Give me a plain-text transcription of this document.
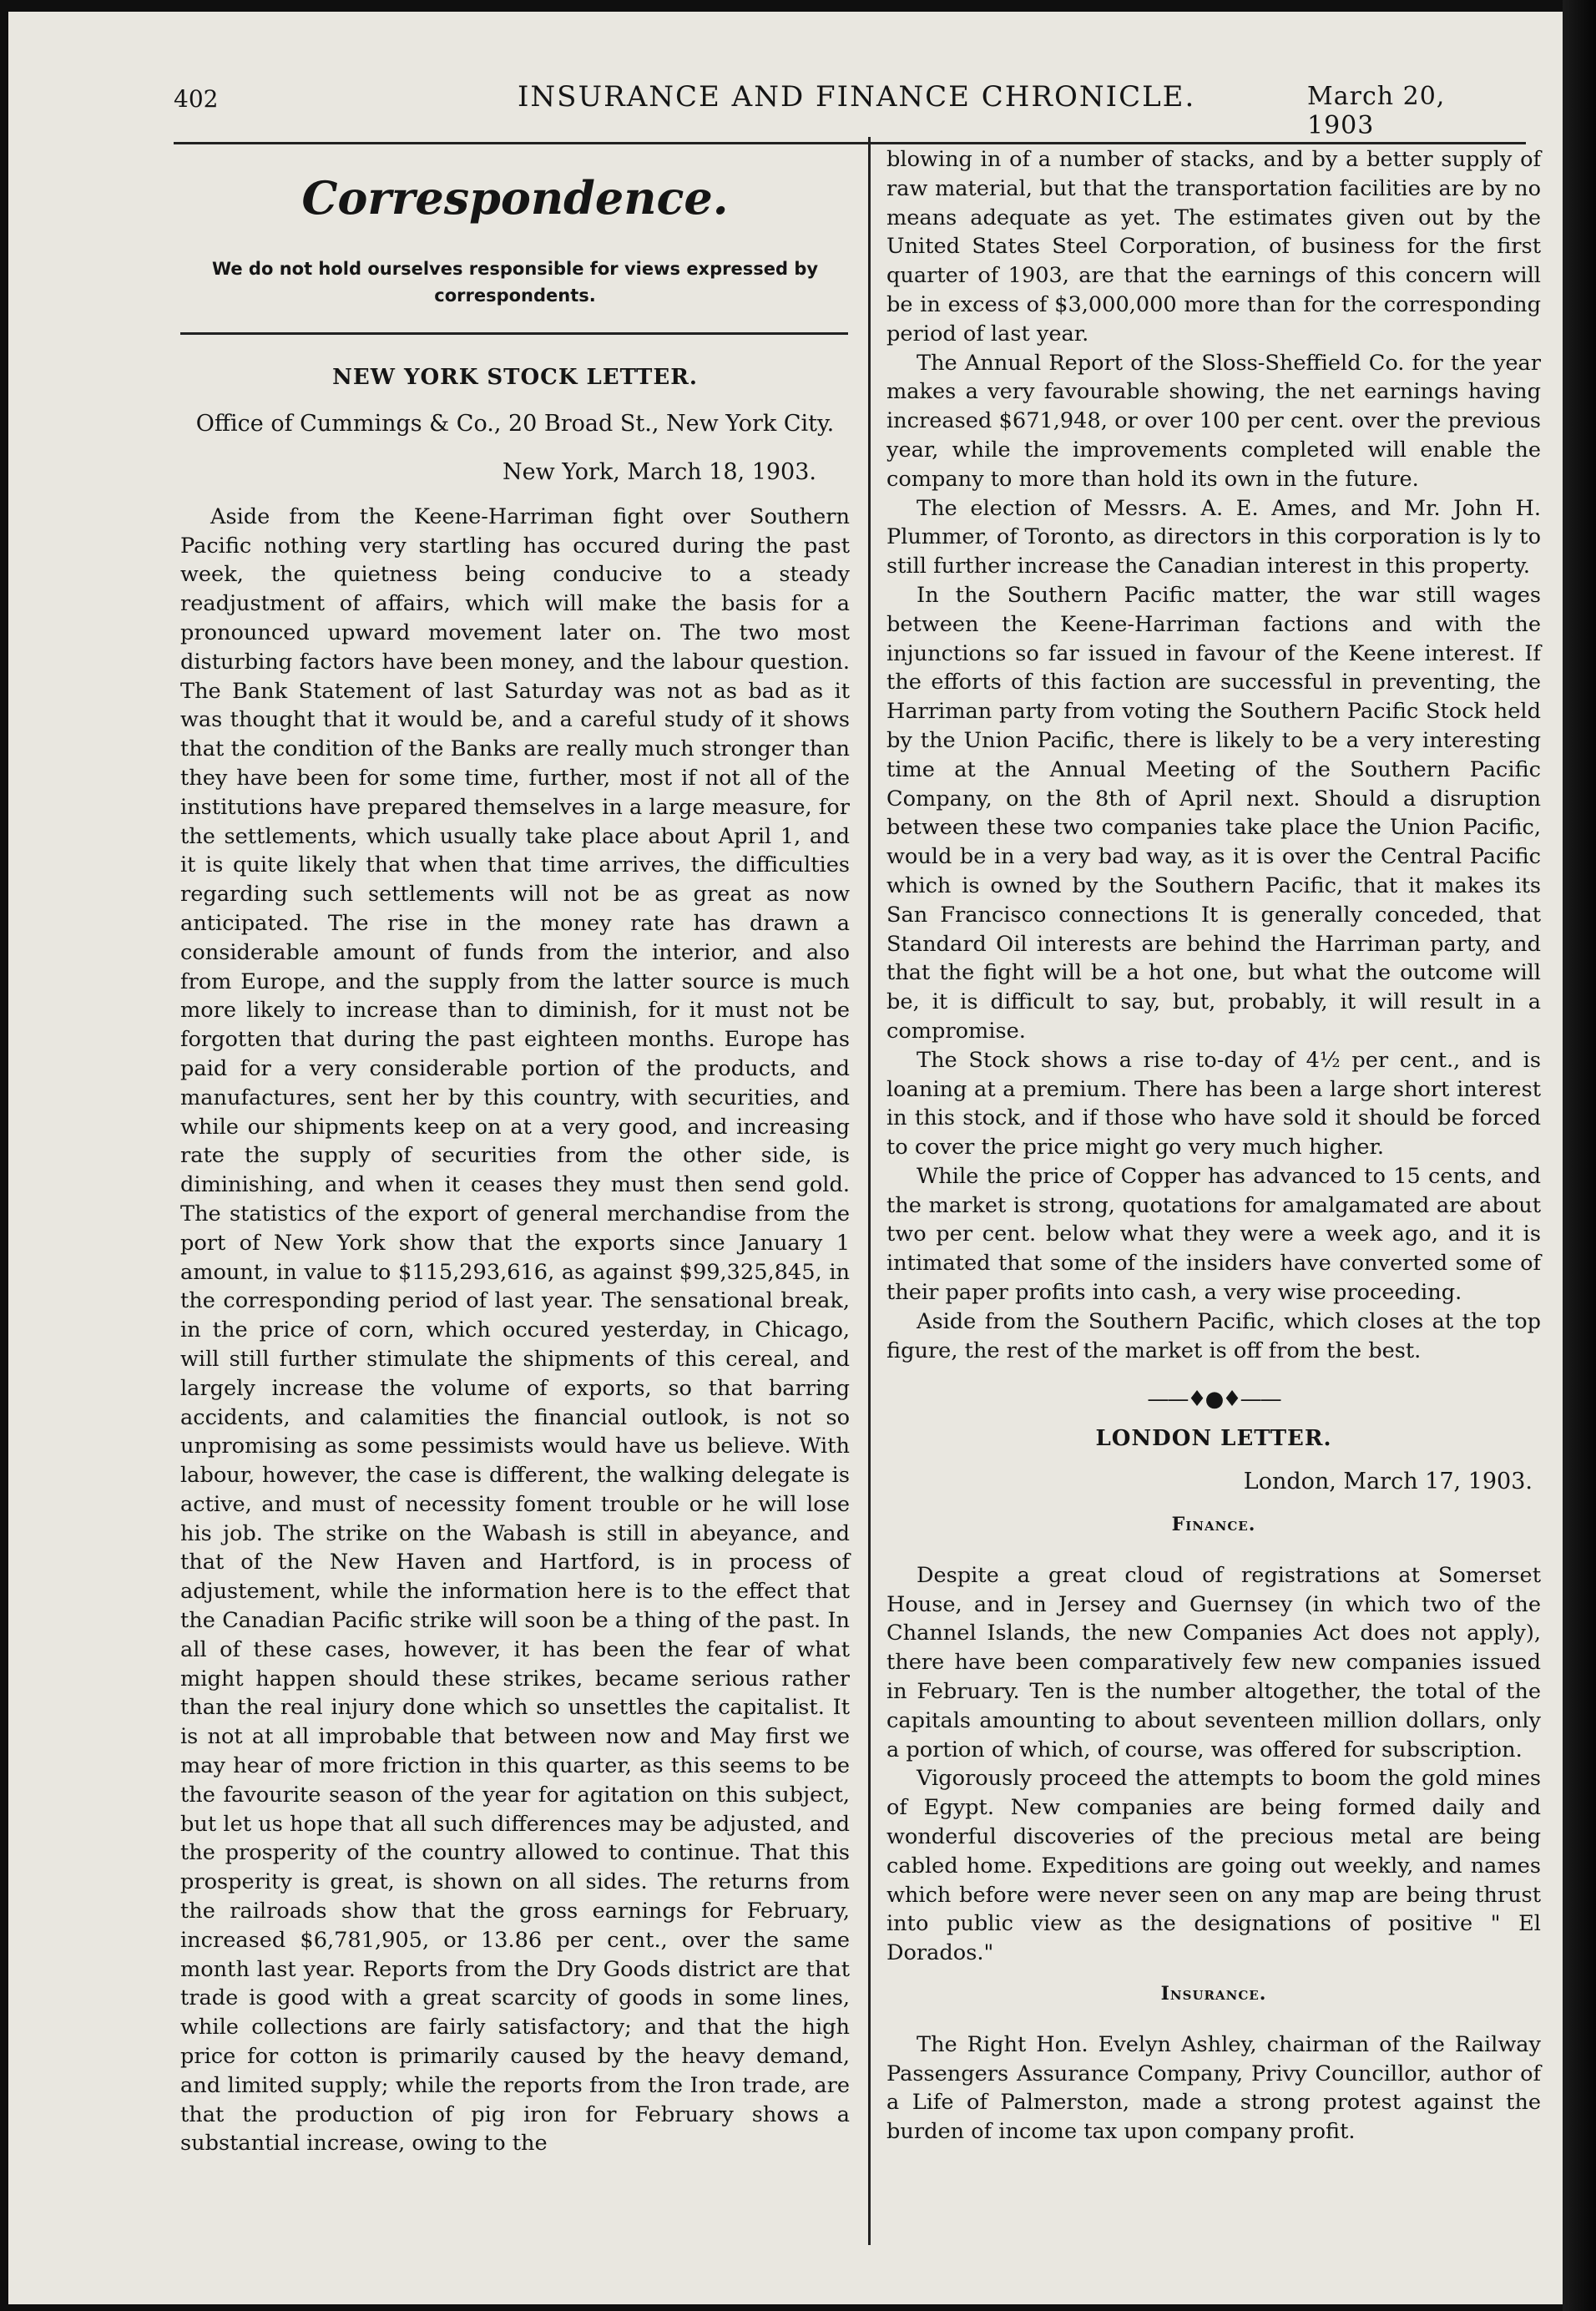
402	INSURANCE AND FINANCE CHRONICLE.	March 20, 1903
Correspondence.
We do not hold ourselves responsible for views expressed by correspondents.
NEW YORK STOCK LETTER.
Office of Cummings & Co., 20 Broad St., New York City.
New York, March 18, 1903.

Aside from the Keene-Harriman fight over Southern Pacific nothing very startling has occured during the past week, the quietness being conducive to a steady readjustment of affairs, which will make the basis for a pronounced upward movement later on. The two most disturbing factors have been money, and the labour question. The Bank Statement of last Saturday was not as bad as it was thought that it would be, and a careful study of it shows that the condition of the Banks are really much stronger than they have been for some time, further, most if not all of the institutions have prepared themselves in a large measure, for the settlements, which usually take place about April 1, and it is quite likely that when that time arrives, the difficulties regarding such settlements will not be as great as now anticipated. The rise in the money rate has drawn a considerable amount of funds from the interior, and also from Europe, and the supply from the latter source is much more likely to increase than to diminish, for it must not be forgotten that during the past eighteen months. Europe has paid for a very considerable portion of the products, and manufactures, sent her by this country, with securities, and while our shipments keep on at a very good, and increasing rate the supply of securities from the other side, is diminishing, and when it ceases they must then send gold. The statistics of the export of general merchandise from the port of New York show that the exports since January 1 amount, in value to $115,293,616, as against $99,325,845, in the corresponding period of last year. The sensational break, in the price of corn, which occured yesterday, in Chicago, will still further stimulate the shipments of this cereal, and largely increase the volume of exports, so that barring accidents, and calamities the financial outlook, is not so unpromising as some pessimists would have us believe. With labour, however, the case is different, the walking delegate is active, and must of necessity foment trouble or he will lose his job. The strike on the Wabash is still in abeyance, and that of the New Haven and Hartford, is in process of adjustement, while the information here is to the effect that the Canadian Pacific strike will soon be a thing of the past. In all of these cases, however, it has been the fear of what might happen should these strikes, became serious rather than the real injury done which so unsettles the capitalist. It is not at all improbable that between now and May first we may hear of more friction in this quarter, as this seems to be the favourite season of the year for agitation on this subject, but let us hope that all such differences may be adjusted, and the prosperity of the country allowed to continue. That this prosperity is great, is shown on all sides. The returns from the railroads show that the gross earnings for February, increased $6,781,905, or 13.86 per cent., over the same month last year. Reports from the Dry Goods district are that trade is good with a great scarcity of goods in some lines, while collections are fairly satisfactory; and that the high price for cotton is primarily caused by the heavy demand, and limited supply; while the reports from the Iron trade, are that the production of pig iron for February shows a substantial increase, owing to the

blowing in of a number of stacks, and by a better supply of raw material, but that the transportation facilities are by no means adequate as yet. The estimates given out by the United States Steel Corporation, of business for the first quarter of 1903, are that the earnings of this concern will be in excess of $3,000,000 more than for the corresponding period of last year.

The Annual Report of the Sloss-Sheffield Co. for the year makes a very favourable showing, the net earnings having increased $671,948, or over 100 per cent. over the previous year, while the improvements completed will enable the company to more than hold its own in the future.

The election of Messrs. A. E. Ames, and Mr. John H. Plummer, of Toronto, as directors in this corporation is ly to still further increase the Canadian interest in this property.

In the Southern Pacific matter, the war still wages between the Keene-Harriman factions and with the injunctions so far issued in favour of the Keene interest. If the efforts of this faction are successful in preventing, the Harriman party from voting the Southern Pacific Stock held by the Union Pacific, there is likely to be a very interesting time at the Annual Meeting of the Southern Pacific Company, on the 8th of April next. Should a disruption between these two companies take place the Union Pacific, would be in a very bad way, as it is over the Central Pacific which is owned by the Southern Pacific, that it makes its San Francisco connections It is generally conceded, that Standard Oil interests are behind the Harriman party, and that the fight will be a hot one, but what the outcome will be, it is difficult to say, but, probably, it will result in a compromise.

The Stock shows a rise to-day of 4½ per cent., and is loaning at a premium. There has been a large short interest in this stock, and if those who have sold it should be forced to cover the price might go very much higher.

While the price of Copper has advanced to 15 cents, and the market is strong, quotations for amalgamated are about two per cent. below what they were a week ago, and it is intimated that some of the insiders have converted some of their paper profits into cash, a very wise proceeding.

Aside from the Southern Pacific, which closes at the top figure, the rest of the market is off from the best.

——♦●♦——
LONDON LETTER.
London, March 17, 1903.
Finance.

Despite a great cloud of registrations at Somerset House, and in Jersey and Guernsey (in which two of the Channel Islands, the new Companies Act does not apply), there have been comparatively few new companies issued in February. Ten is the number altogether, the total of the capitals amounting to about seventeen million dollars, only a portion of which, of course, was offered for subscription.

Vigorously proceed the attempts to boom the gold mines of Egypt. New companies are being formed daily and wonderful discoveries of the precious metal are being cabled home. Expeditions are going out weekly, and names which before were never seen on any map are being thrust into public view as the designations of positive " El Dorados."

Insurance.

The Right Hon. Evelyn Ashley, chairman of the Railway Passengers Assurance Company, Privy Councillor, author of a Life of Palmerston, made a strong protest against the burden of income tax upon company profit.
